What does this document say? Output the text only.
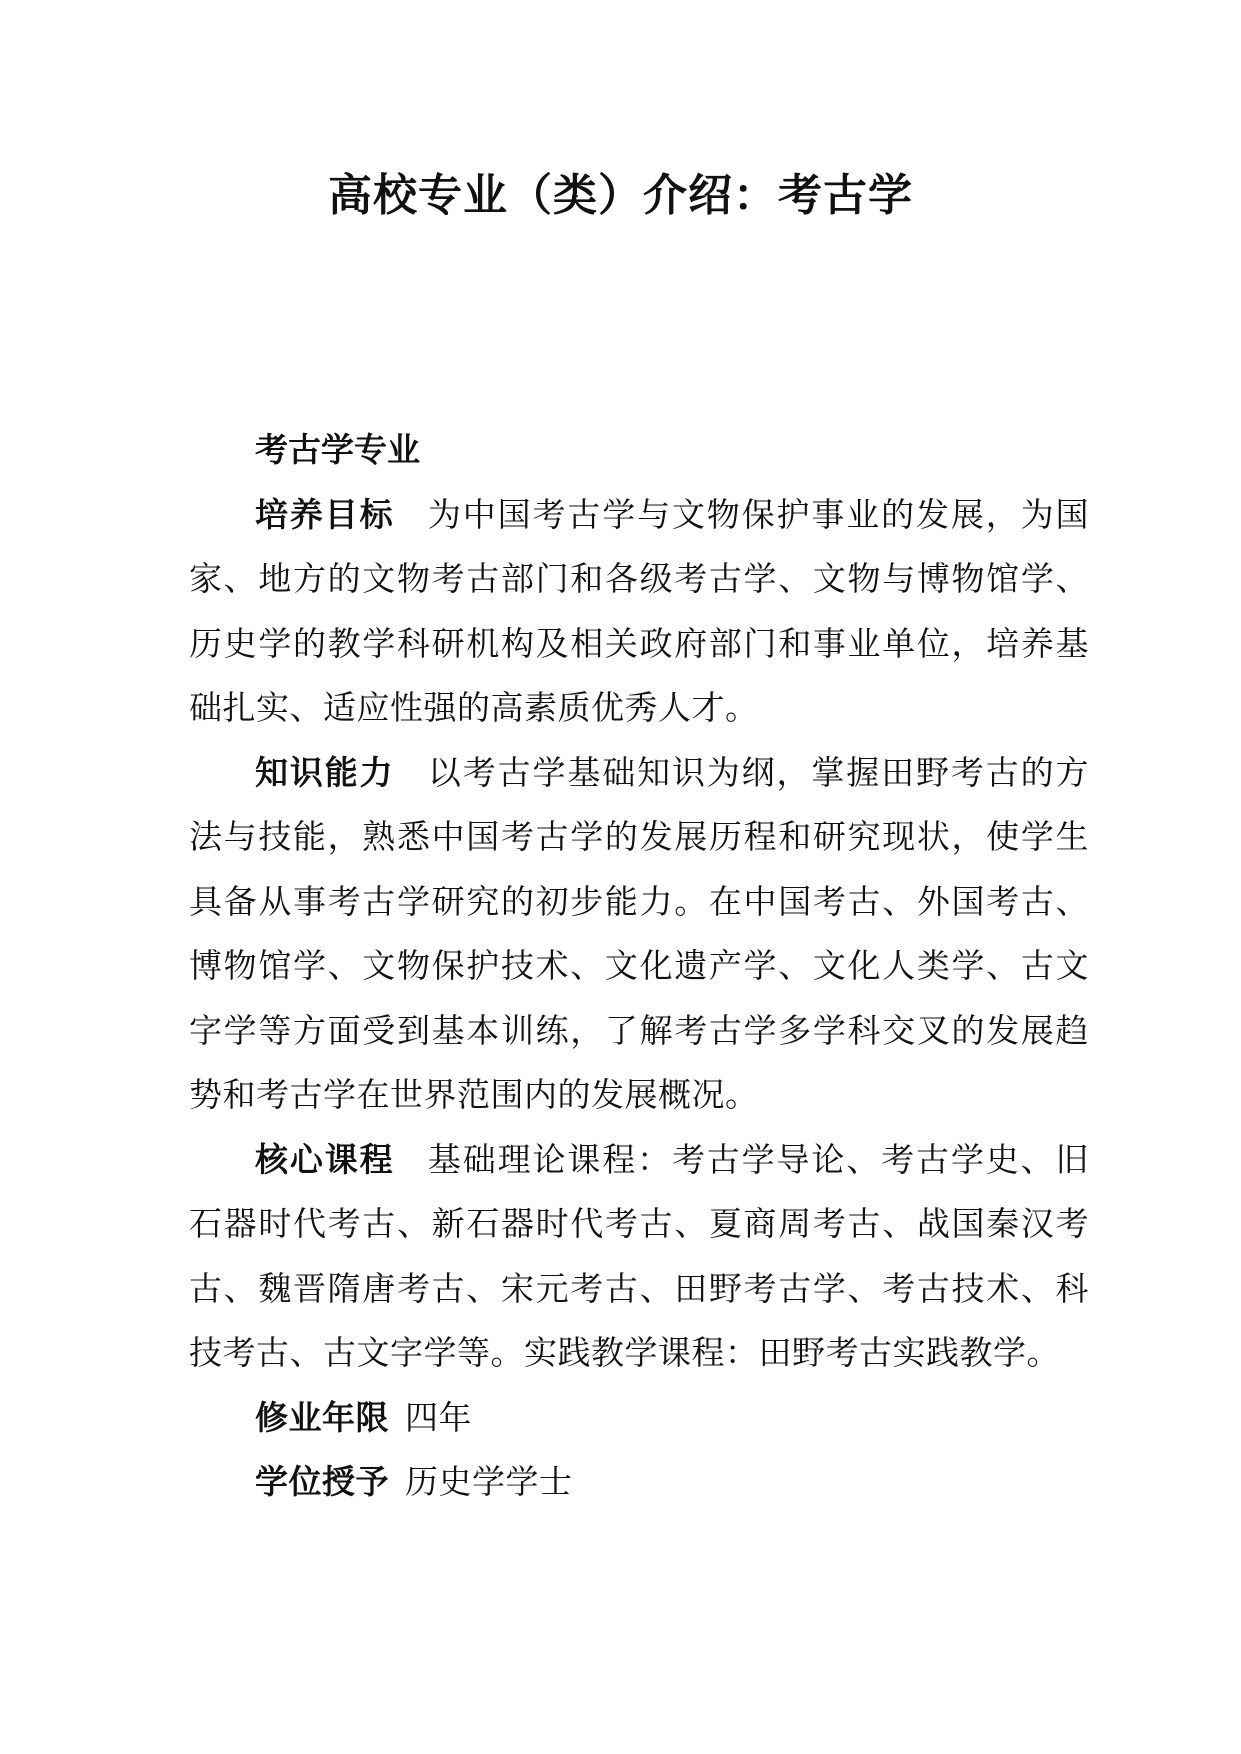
高校专业（类）介绍：考古学

考古学专业

培养目标 为中国考古学与文物保护事业的发展，为国家、地方的文物考古部门和各级考古学、文物与博物馆学、历史学的教学科研机构及相关政府部门和事业单位，培养基础扎实、适应性强的高素质优秀人才。

知识能力 以考古学基础知识为纲，掌握田野考古的方法与技能，熟悉中国考古学的发展历程和研究现状，使学生具备从事考古学研究的初步能力。在中国考古、外国考古、博物馆学、文物保护技术、文化遗产学、文化人类学、古文字学等方面受到基本训练，了解考古学多学科交叉的发展趋势和考古学在世界范围内的发展概况。

核心课程 基础理论课程：考古学导论、考古学史、旧石器时代考古、新石器时代考古、夏商周考古、战国秦汉考古、魏晋隋唐考古、宋元考古、田野考古学、考古技术、科 技考古、古文字学等。实践教学课程：田野考古实践教学。

修业年限 四年

学位授予 历史学学士
